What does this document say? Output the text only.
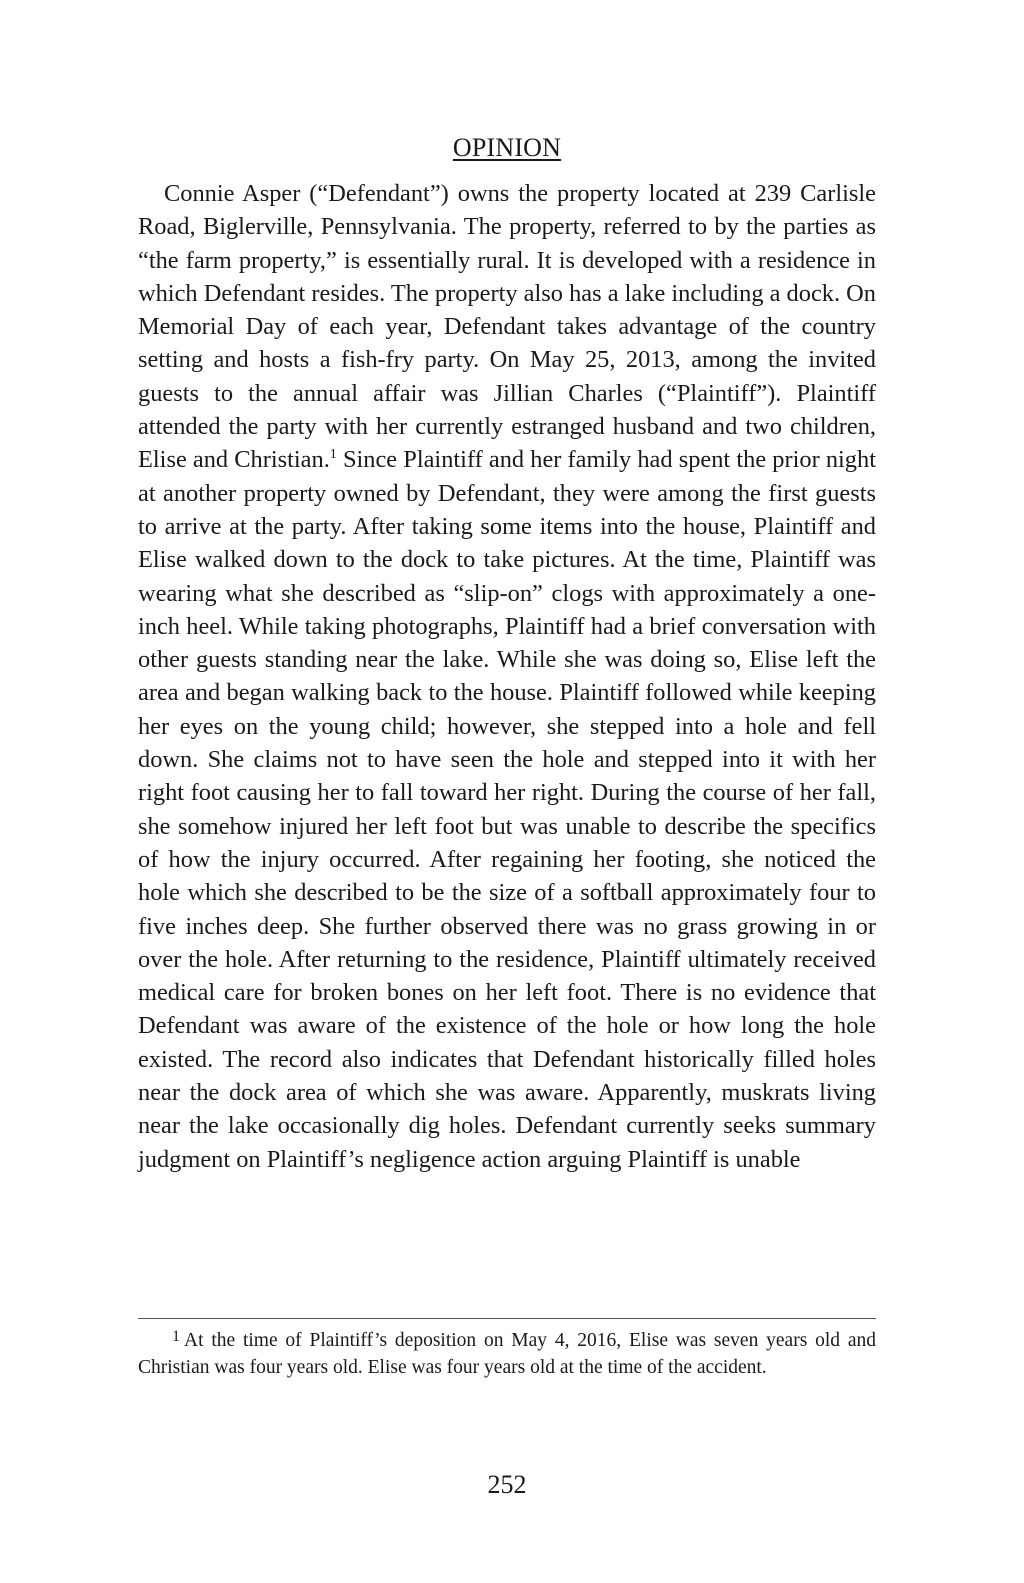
OPINION

Connie Asper (“Defendant”) owns the property located at 239 Carlisle Road, Biglerville, Pennsylvania. The property, referred to by the parties as “the farm property,” is essentially rural. It is developed with a residence in which Defendant resides. The property also has a lake including a dock. On Memorial Day of each year, Defendant takes advantage of the country setting and hosts a fish-fry party. On May 25, 2013, among the invited guests to the annual affair was Jillian Charles (“Plaintiff”). Plaintiff attended the party with her currently estranged husband and two children, Elise and Christian.$^1$ Since Plaintiff and her family had spent the prior night at another property owned by Defendant, they were among the first guests to arrive at the party. After taking some items into the house, Plaintiff and Elise walked down to the dock to take pictures. At the time, Plaintiff was wearing what she described as “slip-on” clogs with approximately a one-inch heel. While taking photographs, Plaintiff had a brief conversation with other guests standing near the lake. While she was doing so, Elise left the area and began walking back to the house. Plaintiff followed while keeping her eyes on the young child; however, she stepped into a hole and fell down. She claims not to have seen the hole and stepped into it with her right foot causing her to fall toward her right. During the course of her fall, she somehow injured her left foot but was unable to describe the specifics of how the injury occurred. After regaining her footing, she noticed the hole which she described to be the size of a softball approximately four to five inches deep. She further observed there was no grass growing in or over the hole. After returning to the residence, Plaintiff ultimately received medical care for broken bones on her left foot. There is no evidence that Defendant was aware of the existence of the hole or how long the hole existed. The record also indicates that Defendant historically filled holes near the dock area of which she was aware. Apparently, muskrats living near the lake occasionally dig holes. Defendant currently seeks summary judgment on Plaintiff’s negligence action arguing Plaintiff is unable

$^1$ At the time of Plaintiff’s deposition on May 4, 2016, Elise was seven years old and Christian was four years old. Elise was four years old at the time of the accident.

252
